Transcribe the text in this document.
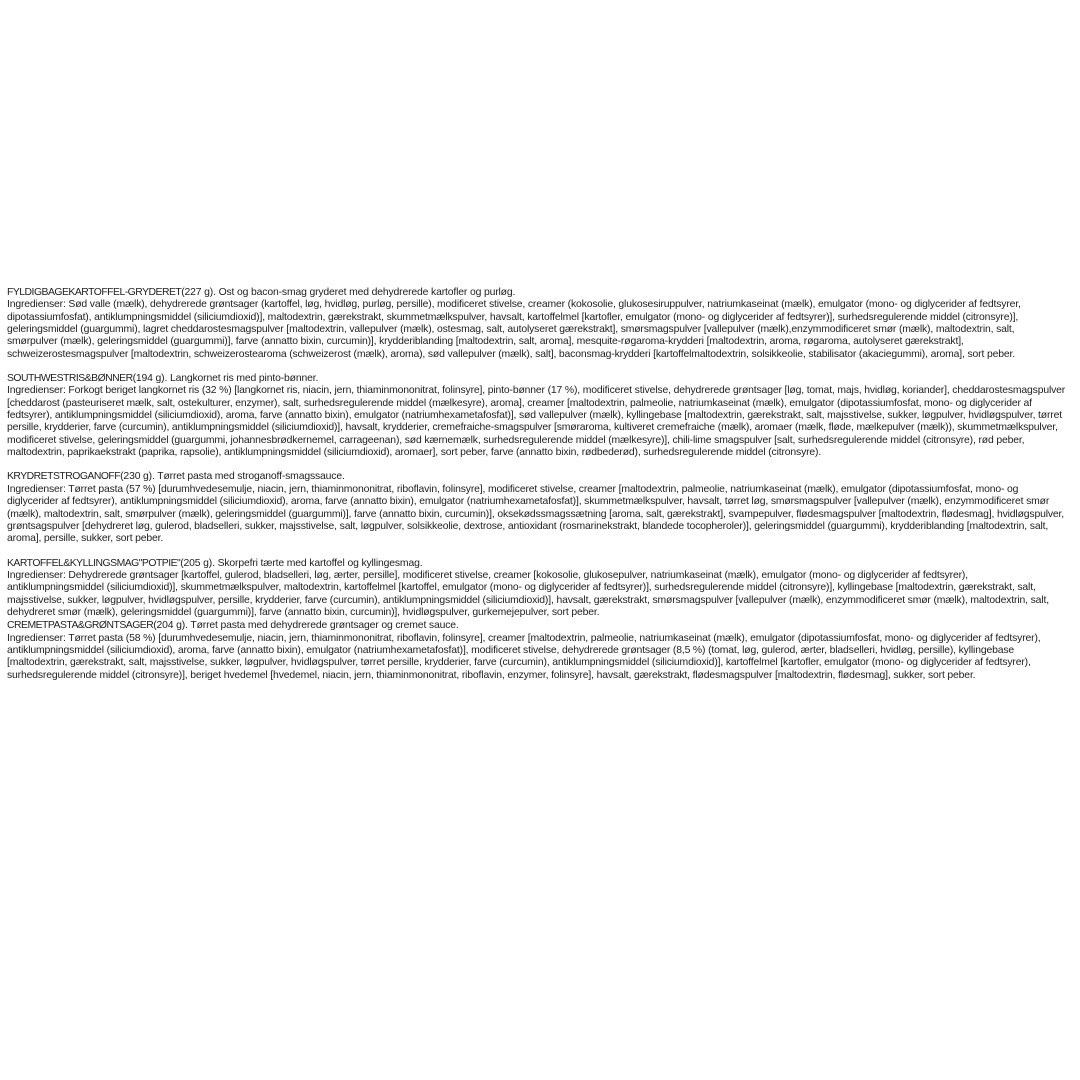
FYLDIGBAGEKARTOFFEL-GRYDERET(227 g). Ost og bacon-smag gryderet med dehydrerede kartofler og purløg.

Ingredienser: Sød valle (mælk), dehydrerede grøntsager (kartoffel, løg, hvidløg, purløg, persille), modificeret stivelse, creamer (kokosolie, glukosesiruppulver, natriumkaseinat (mælk), emulgator (mono- og diglycerider af fedtsyrer, dipotassiumfosfat), antiklumpningsmiddel (siliciumdioxid)], maltodextrin, gærekstrakt, skummetmælkspulver, havsalt, kartoffelmel [kartofler, emulgator (mono- og diglycerider af fedtsyrer)], surhedsregulerende middel (citronsyre)], geleringsmiddel (guargummi), lagret cheddarostesmagspulver [maltodextrin, vallepulver (mælk), ostesmag, salt, autolyseret gærekstrakt], smørsmagspulver [vallepulver (mælk),enzymmodificeret smør (mælk), maltodextrin, salt, smørpulver (mælk), geleringsmiddel (guargummi)], farve (annatto bixin, curcumin)], krydderiblanding [maltodextrin, salt, aroma], mesquite-røgaroma-krydderi [maltodextrin, aroma, røgaroma, autolyseret gærekstrakt], schweizerostesmagspulver [maltodextrin, schweizerostearoma (schweizerost (mælk), aroma), sød vallepulver (mælk), salt], baconsmag-krydderi [kartoffelmaltodextrin, solsikkeolie, stabilisator (akaciegummi), aroma], sort peber.

SOUTHWESTRIS&BØNNER(194 g). Langkornet ris med pinto-bønner.

Ingredienser: Forkogt beriget langkornet ris (32 %) [langkornet ris, niacin, jern, thiaminmononitrat, folinsyre], pinto-bønner (17 %), modificeret stivelse, dehydrerede grøntsager [løg, tomat, majs, hvidløg, koriander], cheddarostesmagspulver [cheddarost (pasteuriseret mælk, salt, ostekulturer, enzymer), salt, surhedsregulerende middel (mælkesyre), aroma], creamer [maltodextrin, palmeolie, natriumkaseinat (mælk), emulgator (dipotassiumfosfat, mono- og diglycerider af fedtsyrer), antiklumpningsmiddel (siliciumdioxid), aroma, farve (annatto bixin), emulgator (natriumhexametafosfat)], sød vallepulver (mælk), kyllingebase [maltodextrin, gærekstrakt, salt, majsstivelse, sukker, løgpulver, hvidløgspulver, tørret persille, krydderier, farve (curcumin), antiklumpningsmiddel (siliciumdioxid)], havsalt, krydderier, cremefraiche-smagspulver [smøraroma, kultiveret cremefraiche (mælk), aromaer (mælk, fløde, mælkepulver (mælk)), skummetmælkspulver, modificeret stivelse, geleringsmiddel (guargummi, johannesbrødkernemel, carrageenan), sød kærnemælk, surhedsregulerende middel (mælkesyre)], chili-lime smagspulver [salt, surhedsregulerende middel (citronsyre), rød peber, maltodextrin, paprikaekstrakt (paprika, rapsolie), antiklumpningsmiddel (siliciumdioxid), aromaer], sort peber, farve (annatto bixin, rødbederød), surhedsregulerende middel (citronsyre).

KRYDRETSTROGANOFF(230 g). Tørret pasta med stroganoff-smagssauce.

Ingredienser: Tørret pasta (57 %) [durumhvedesemulje, niacin, jern, thiaminmononitrat, riboflavin, folinsyre], modificeret stivelse, creamer [maltodextrin, palmeolie, natriumkaseinat (mælk), emulgator (dipotassiumfosfat, mono- og diglycerider af fedtsyrer), antiklumpningsmiddel (siliciumdioxid), aroma, farve (annatto bixin), emulgator (natriumhexametafosfat)], skummetmælkspulver, havsalt, tørret løg, smørsmagspulver [vallepulver (mælk), enzymmodificeret smør (mælk), maltodextrin, salt, smørpulver (mælk), geleringsmiddel (guargummi)], farve (annatto bixin, curcumin)], oksekødssmagssætning [aroma, salt, gærekstrakt], svampepulver, flødesmagspulver [maltodextrin, flødesmag], hvidløgspulver, grøntsagspulver [dehydreret løg, gulerod, bladselleri, sukker, majsstivelse, salt, løgpulver, solsikkeolie, dextrose, antioxidant (rosmarinekstrakt, blandede tocopheroler)], geleringsmiddel (guargummi), krydderiblanding [maltodextrin, salt, aroma], persille, sukker, sort peber.

KARTOFFEL&KYLLINGSMAG"POTPIE"(205 g). Skorpefri tærte med kartoffel og kyllingesmag.

Ingredienser: Dehydrerede grøntsager [kartoffel, gulerod, bladselleri, løg, ærter, persille], modificeret stivelse, creamer [kokosolie, glukosepulver, natriumkaseinat (mælk), emulgator (mono- og diglycerider af fedtsyrer), antiklumpningsmiddel (siliciumdioxid)], skummetmælkspulver, maltodextrin, kartoffelmel [kartoffel, emulgator (mono- og diglycerider af fedtsyrer)], surhedsregulerende middel (citronsyre)], kyllingebase [maltodextrin, gærekstrakt, salt, majsstivelse, sukker, løgpulver, hvidløgspulver, persille, krydderier, farve (curcumin), antiklumpningsmiddel (siliciumdioxid)], havsalt, gærekstrakt, smørsmagspulver [vallepulver (mælk), enzymmodificeret smør (mælk), maltodextrin, salt, dehydreret smør (mælk), geleringsmiddel (guargummi)], farve (annatto bixin, curcumin)], hvidløgspulver, gurkemejepulver, sort peber.

CREMETPASTA&GRØNTSAGER(204 g). Tørret pasta med dehydrerede grøntsager og cremet sauce.

Ingredienser: Tørret pasta (58 %) [durumhvedesemulje, niacin, jern, thiaminmononitrat, riboflavin, folinsyre], creamer [maltodextrin, palmeolie, natriumkaseinat (mælk), emulgator (dipotassiumfosfat, mono- og diglycerider af fedtsyrer), antiklumpningsmiddel (siliciumdioxid), aroma, farve (annatto bixin), emulgator (natriumhexametafosfat)], modificeret stivelse, dehydrerede grøntsager (8,5 %) (tomat, løg, gulerod, ærter, bladselleri, hvidløg, persille), kyllingebase [maltodextrin, gærekstrakt, salt, majsstivelse, sukker, løgpulver, hvidløgspulver, tørret persille, krydderier, farve (curcumin), antiklumpningsmiddel (siliciumdioxid)], kartoffelmel [kartofler, emulgator (mono- og diglycerider af fedtsyrer), surhedsregulerende middel (citronsyre)], beriget hvedemel [hvedemel, niacin, jern, thiaminmononitrat, riboflavin, enzymer, folinsyre], havsalt, gærekstrakt, flødesmagspulver [maltodextrin, flødesmag], sukker, sort peber.
